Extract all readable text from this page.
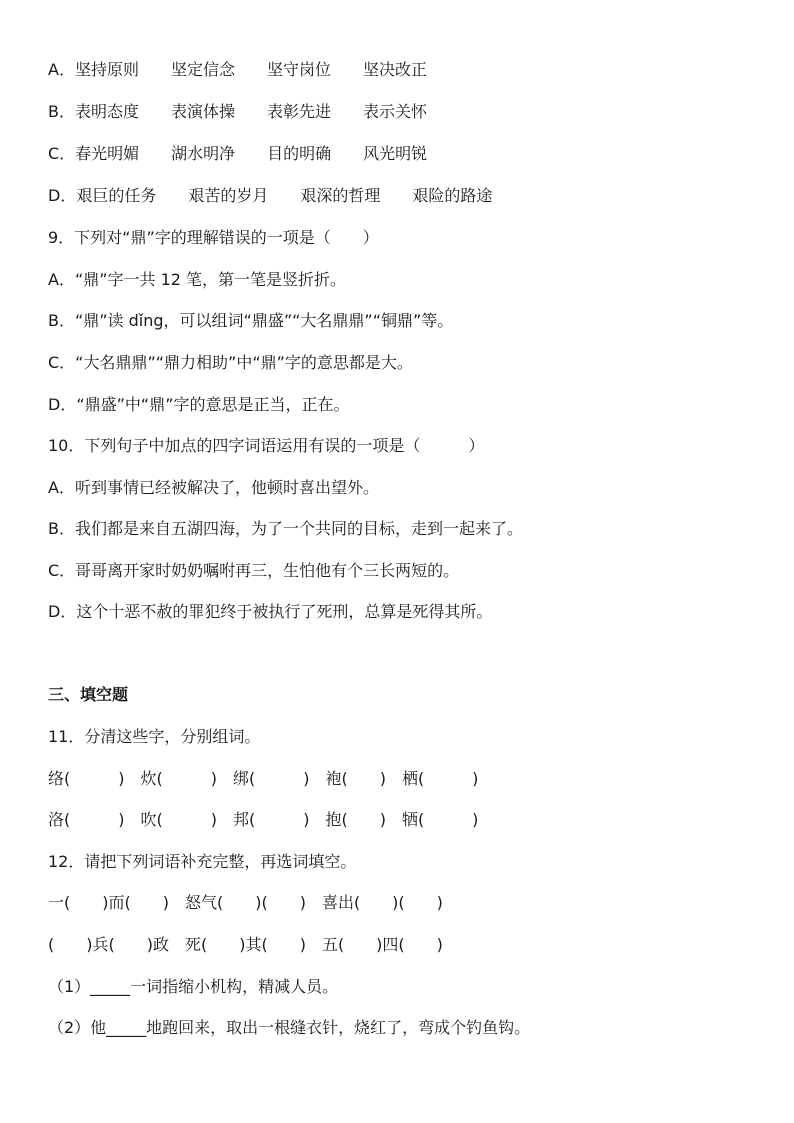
A．坚持原则　　坚定信念　　坚守岗位　　坚决改正
B．表明态度　　表演体操　　表彰先进　　表示关怀
C．春光明媚　　湖水明净　　目的明确　　风光明锐
D．艰巨的任务　　艰苦的岁月　　艰深的哲理　　艰险的路途
9．下列对“鼎”字的理解错误的一项是（　　）
A．“鼎”字一共 12 笔，第一笔是竖折折。
B．“鼎”读 dǐng，可以组词“鼎盛”“大名鼎鼎”“铜鼎”等。
C．“大名鼎鼎”“鼎力相助”中“鼎”字的意思都是大。
D．“鼎盛”中“鼎”字的意思是正当，正在。
10．下列句子中加点的四字词语运用有误的一项是（　　　）
A．听到事情已经被解决了，他顿时喜出望外。
B．我们都是来自五湖四海，为了一个共同的目标，走到一起来了。
C．哥哥离开家时奶奶嘱咐再三，生怕他有个三长两短的。
D．这个十恶不赦的罪犯终于被执行了死刑，总算是死得其所。
三、填空题
11．分清这些字，分别组词。
络(　　　)　炊(　　　)　绑(　　　)　袍(　　)　栖(　　　)
洛(　　　)　吹(　　　)　邦(　　　)　抱(　　)　牺(　　　)
12．请把下列词语补充完整，再选词填空。
一(　　)而(　　)　怒气(　　)(　　)　喜出(　　)(　　)
(　　)兵(　　)政　死(　　)其(　　)　五(　　)四(　　)
（1）_____一词指缩小机构，精减人员。
（2）他_____地跑回来，取出一根缝衣针，烧红了，弯成个钓鱼钩。
